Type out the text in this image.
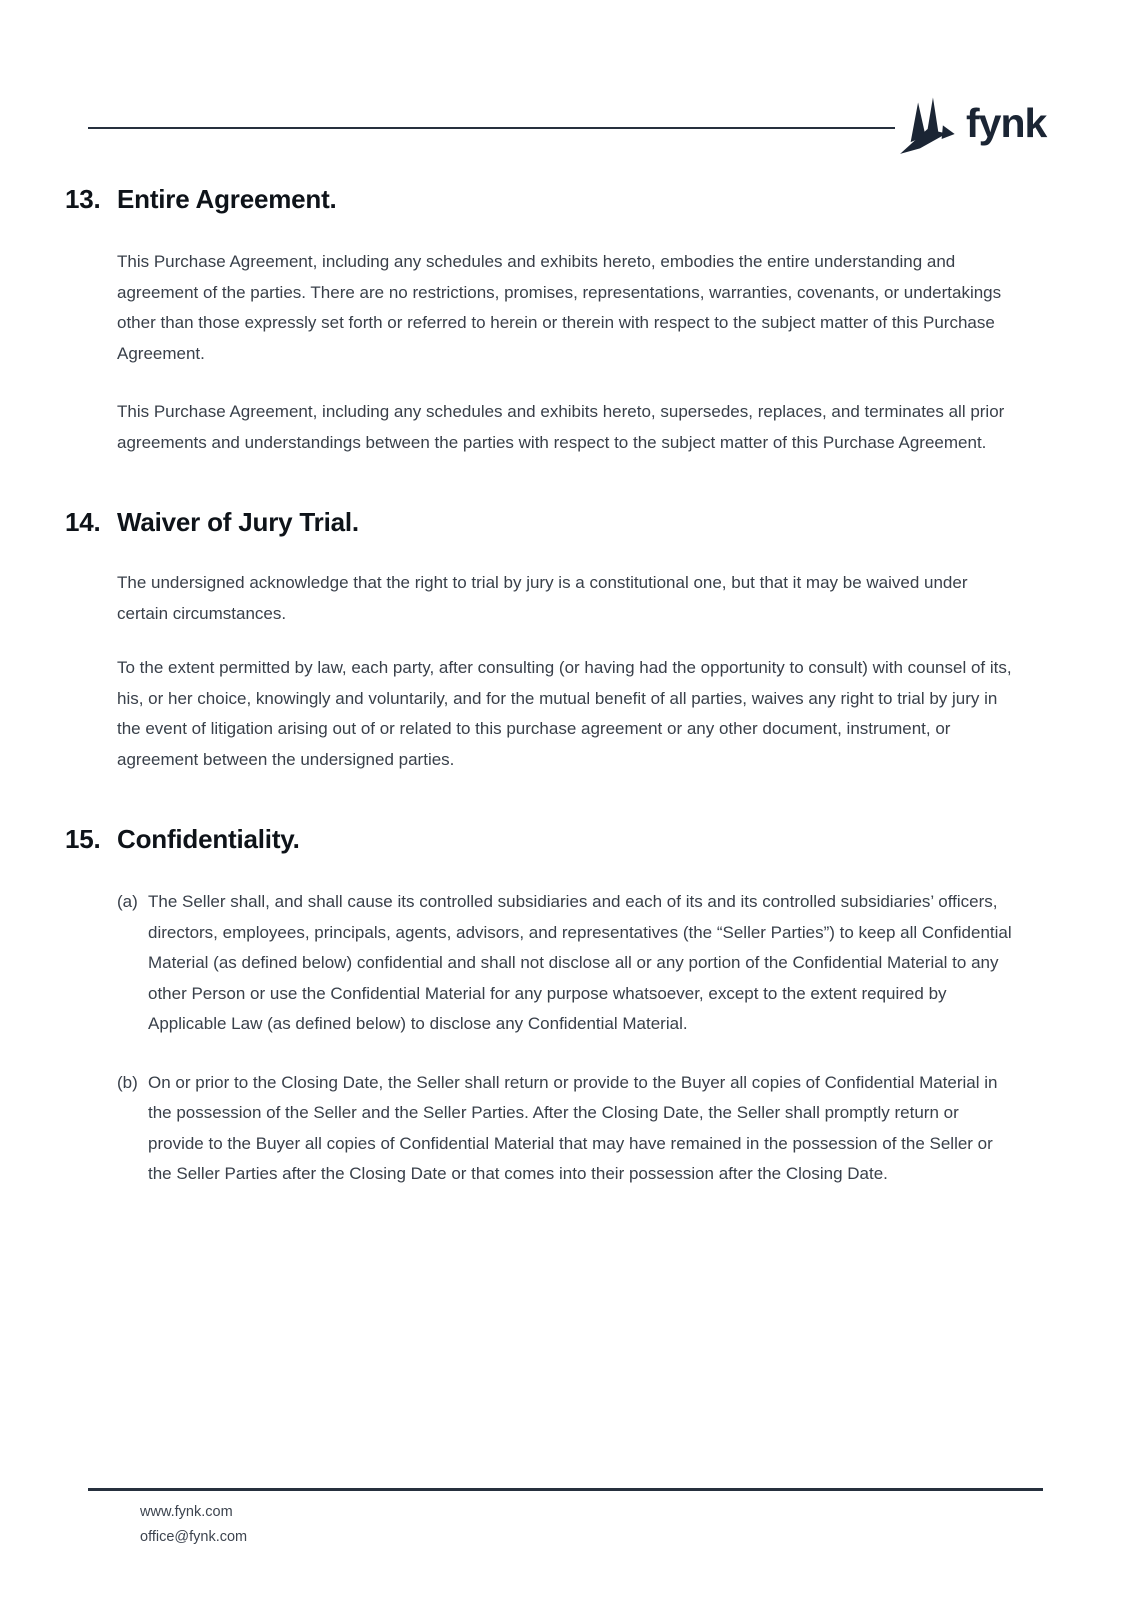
fynk
13. Entire Agreement.

This Purchase Agreement, including any schedules and exhibits hereto, embodies the entire understanding and agreement of the parties. There are no restrictions, promises, representations, warranties, covenants, or undertakings other than those expressly set forth or referred to herein or therein with respect to the subject matter of this Purchase Agreement.

This Purchase Agreement, including any schedules and exhibits hereto, supersedes, replaces, and terminates all prior agreements and understandings between the parties with respect to the subject matter of this Purchase Agreement.

14. Waiver of Jury Trial.

The undersigned acknowledge that the right to trial by jury is a constitutional one, but that it may be waived under certain circumstances.

To the extent permitted by law, each party, after consulting (or having had the opportunity to consult) with counsel of its, his, or her choice, knowingly and voluntarily, and for the mutual benefit of all parties, waives any right to trial by jury in the event of litigation arising out of or related to this purchase agreement or any other document, instrument, or agreement between the undersigned parties.

15. Confidentiality.
(a) The Seller shall, and shall cause its controlled subsidiaries and each of its and its controlled subsidiaries’ officers, directors, employees, principals, agents, advisors, and representatives (the “Seller Parties”) to keep all Confidential Material (as defined below) confidential and shall not disclose all or any portion of the Confidential Material to any other Person or use the Confidential Material for any purpose whatsoever, except to the extent required by Applicable Law (as defined below) to disclose any Confidential Material.
(b) On or prior to the Closing Date, the Seller shall return or provide to the Buyer all copies of Confidential Material in the possession of the Seller and the Seller Parties. After the Closing Date, the Seller shall promptly return or provide to the Buyer all copies of Confidential Material that may have remained in the possession of the Seller or the Seller Parties after the Closing Date or that comes into their possession after the Closing Date.
www.fynk.com
office@fynk.com
